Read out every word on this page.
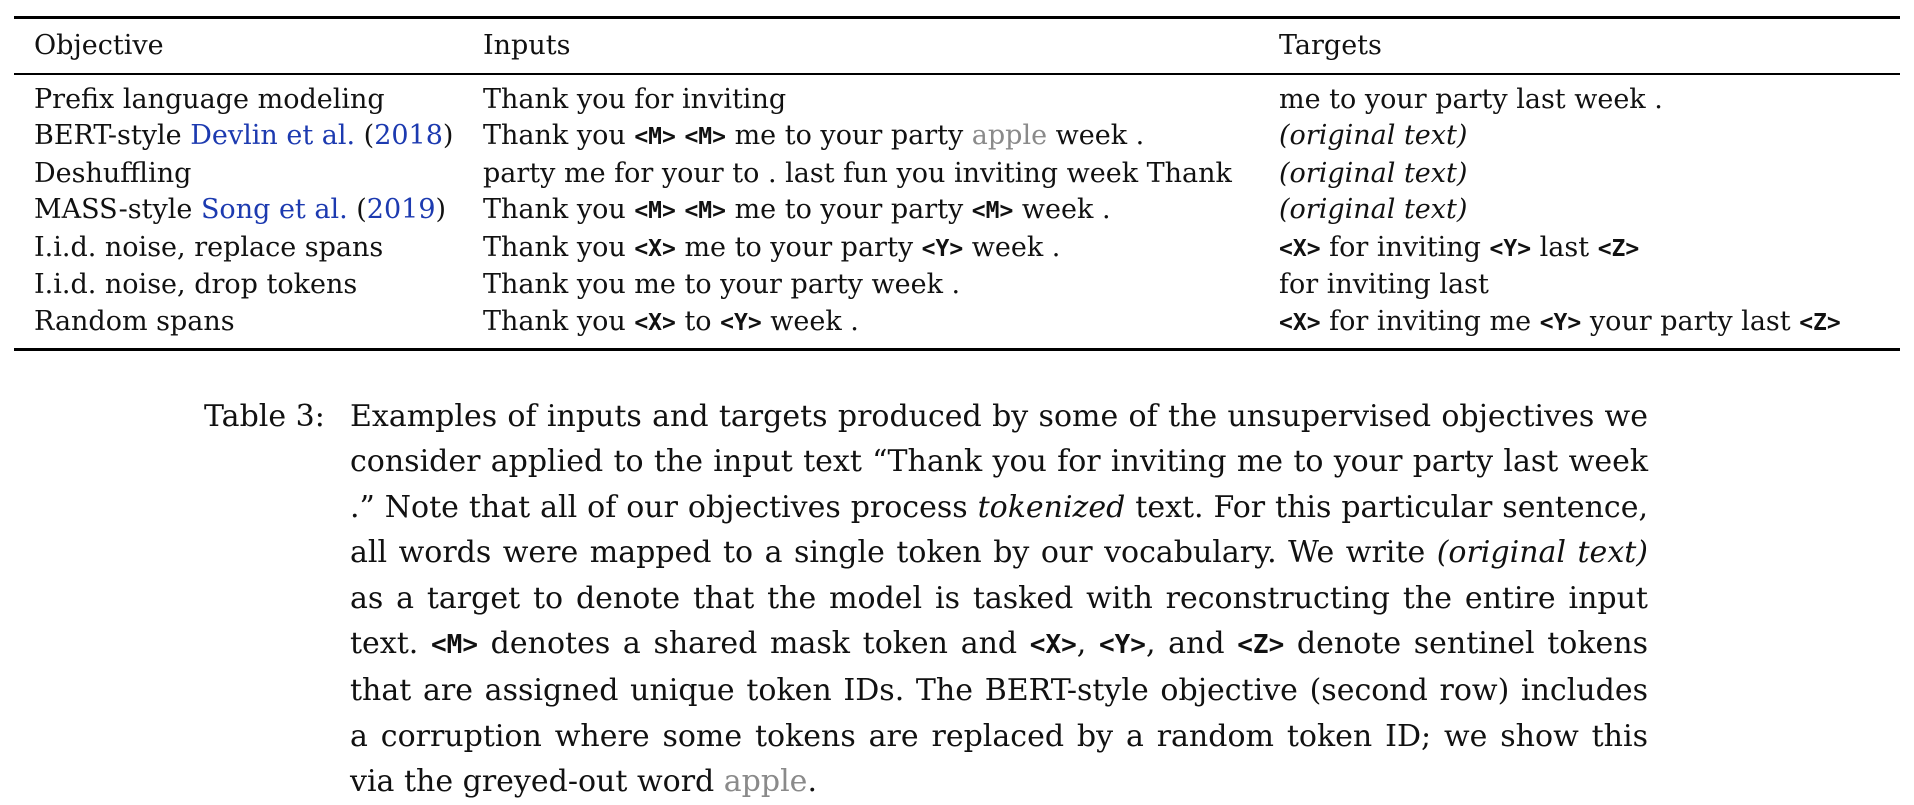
Objective	Inputs	Targets
Prefix language modeling	Thank you for inviting	me to your party last week .
BERT-style Devlin et al. (2018)	Thank you <M> <M> me to your party apple week .	(original text)
Deshuffling	party me for your to . last fun you inviting week Thank	(original text)
MASS-style Song et al. (2019)	Thank you <M> <M> me to your party <M> week .	(original text)
I.i.d. noise, replace spans	Thank you <X> me to your party <Y> week .	<X> for inviting <Y> last <Z>
I.i.d. noise, drop tokens	Thank you me to your party week .	for inviting last
Random spans	Thank you <X> to <Y> week .	<X> for inviting me <Y> your party last <Z>
Table 3: Examples of inputs and targets produced by some of the unsupervised objectives we consider applied to the input text “Thank you for inviting me to your party last week .” Note that all of our objectives process tokenized text. For this particular sentence, all words were mapped to a single token by our vocabulary. We write (original text) as a target to denote that the model is tasked with reconstructing the entire input text. <M> denotes a shared mask token and <X>, <Y>, and <Z> denote sentinel tokens that are assigned unique token IDs. The BERT-style objective (second row) includes a corruption where some tokens are replaced by a random token ID; we show this via the greyed-out word apple.
